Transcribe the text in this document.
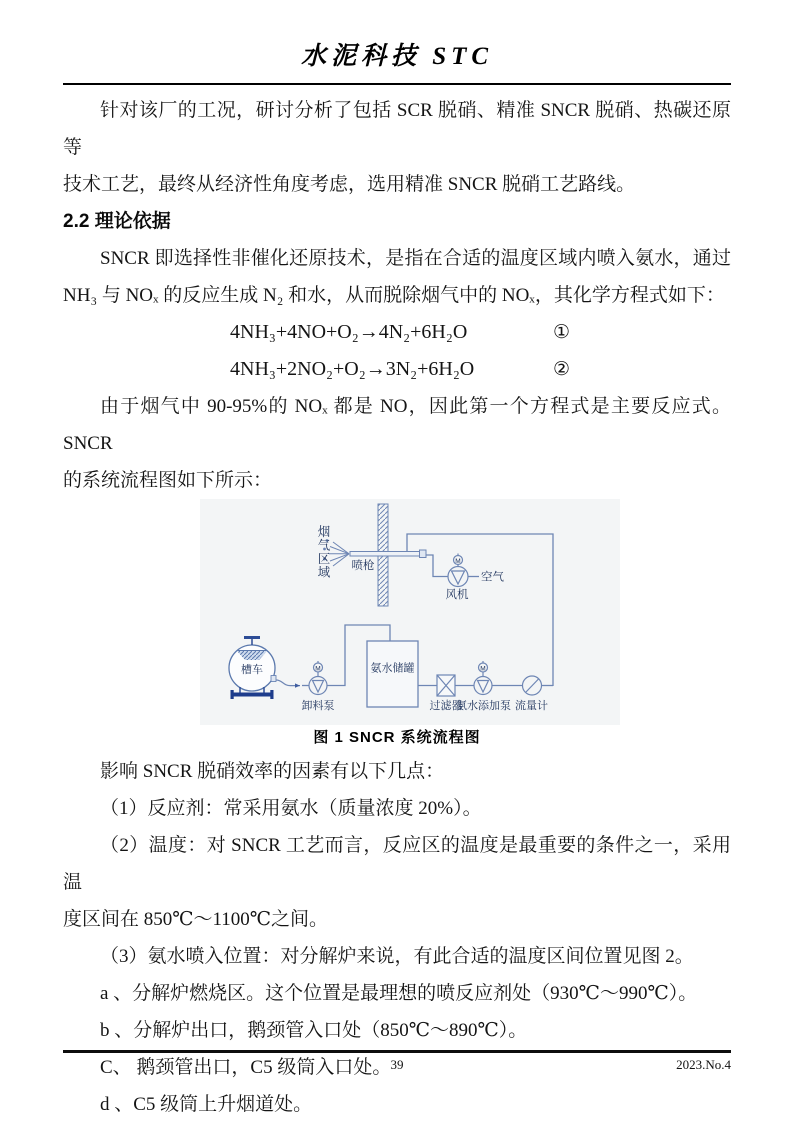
水泥科技 STC
针对该厂的工况，研讨分析了包括 SCR 脱硝、精准 SNCR 脱硝、热碳还原等
技术工艺，最终从经济性角度考虑，选用精准 SNCR 脱硝工艺路线。
2.2 理论依据
SNCR 即选择性非催化还原技术，是指在合适的温度区域内喷入氨水，通过
NH₃ 与 NOₓ 的反应生成 N₂ 和水，从而脱除烟气中的 NOₓ，其化学方程式如下：
4NH₃+4NO+O₂→4N₂+6H₂O	①
4NH₃+2NO₂+O₂→3N₂+6H₂O	②
由于烟气中 90-95%的 NOₓ 都是 NO，因此第一个方程式是主要反应式。SNCR
的系统流程图如下所示：
喷枪
空气
风机
槽车
卸料泵
氨水储罐
过滤器
氨水添加泵 流量计
M
M	M
烟气区域
图 1 SNCR 系统流程图
影响 SNCR 脱硝效率的因素有以下几点：
（1）反应剂：常采用氨水（质量浓度 20%）。
（2）温度：对 SNCR 工艺而言，反应区的温度是最重要的条件之一，采用温
度区间在 850℃～1100℃之间。
（3）氨水喷入位置：对分解炉来说，有此合适的温度区间位置见图 2。
a 、分解炉燃烧区。这个位置是最理想的喷反应剂处（930℃～990℃）。
b 、分解炉出口，鹅颈管入口处（850℃～890℃）。
C、 鹅颈管出口，C5 级筒入口处。
d 、C5 级筒上升烟道处。
39	2023.No.4
